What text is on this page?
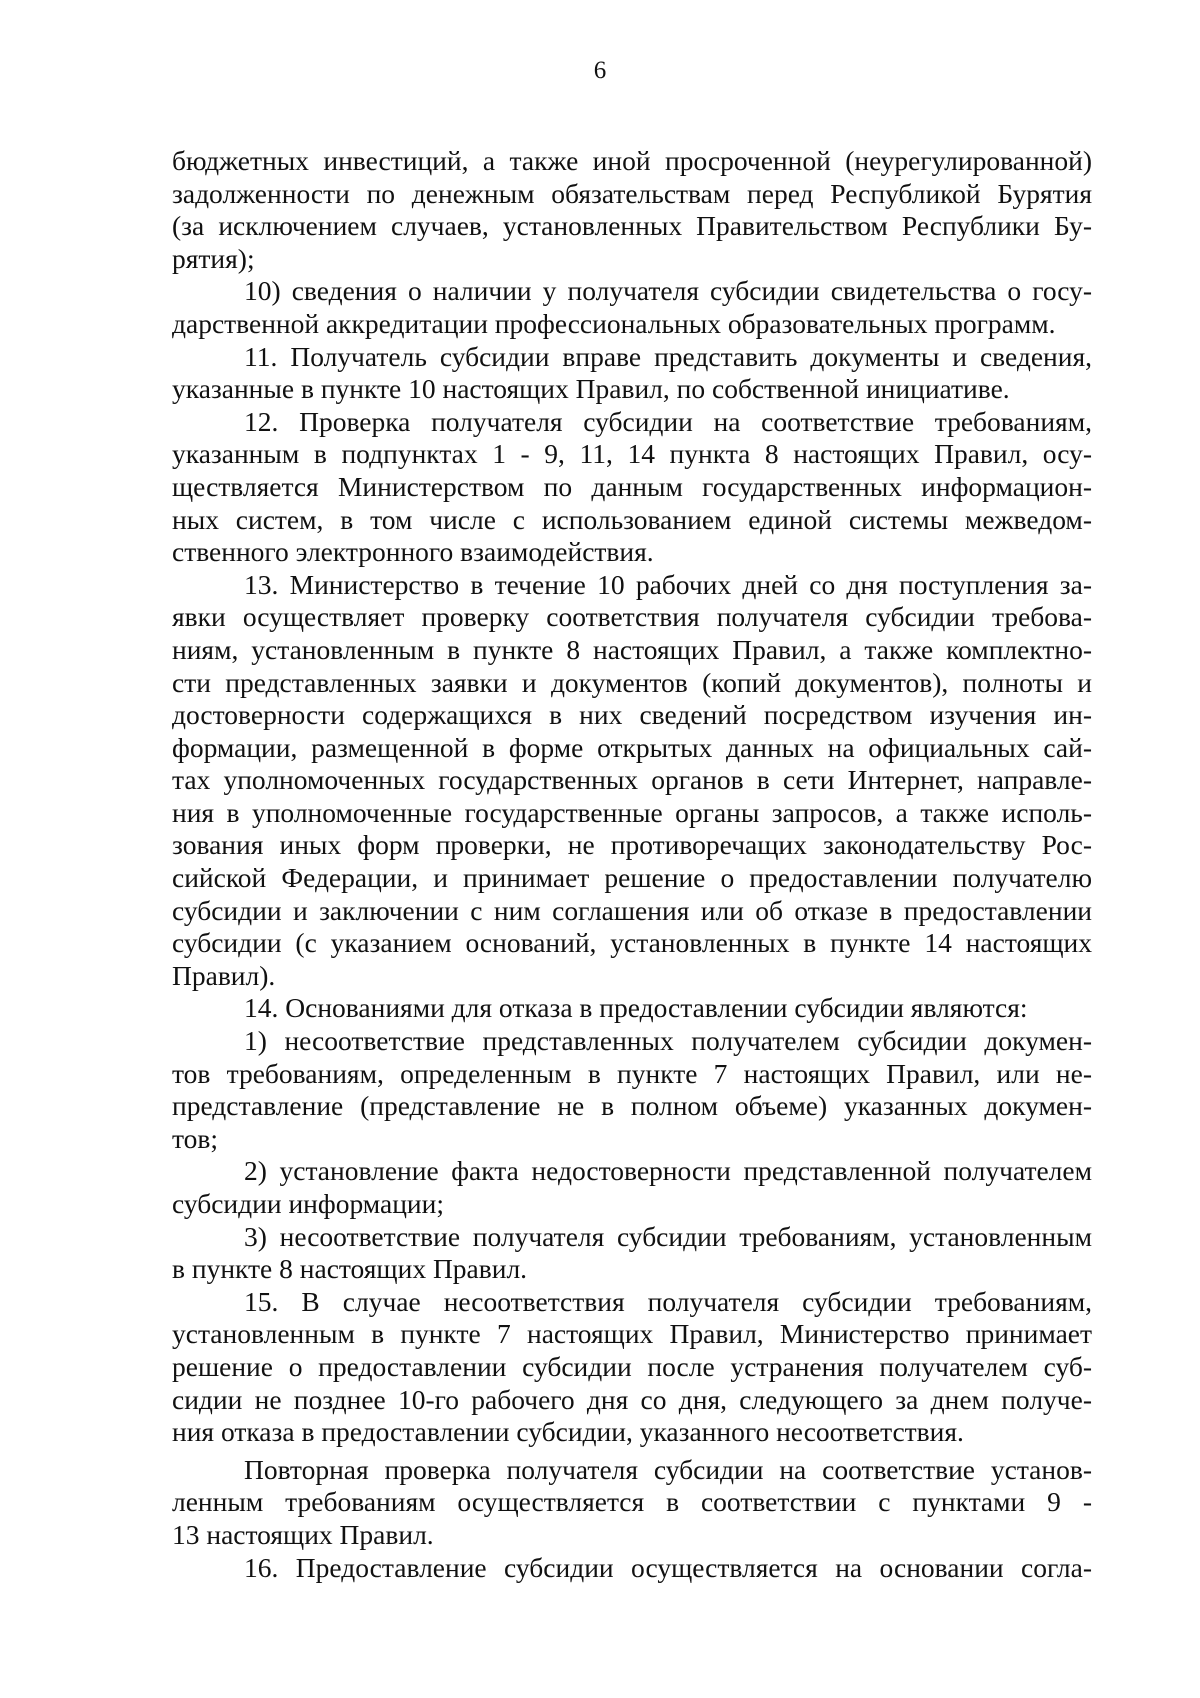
6
бюджетных инвестиций, а также иной просроченной (неурегулированной)
задолженности по денежным обязательствам перед Республикой Бурятия
(за исключением случаев, установленных Правительством Республики Бу-
рятия);
10) сведения о наличии у получателя субсидии свидетельства о госу-
дарственной аккредитации профессиональных образовательных программ.
11. Получатель субсидии вправе представить документы и сведения,
указанные в пункте 10 настоящих Правил, по собственной инициативе.
12. Проверка получателя субсидии на соответствие требованиям,
указанным в подпунктах 1 - 9, 11, 14 пункта 8 настоящих Правил, осу-
ществляется Министерством по данным государственных информацион-
ных систем, в том числе с использованием единой системы межведом-
ственного электронного взаимодействия.
13. Министерство в течение 10 рабочих дней со дня поступления за-
явки осуществляет проверку соответствия получателя субсидии требова-
ниям, установленным в пункте 8 настоящих Правил, а также комплектно-
сти представленных заявки и документов (копий документов), полноты и
достоверности содержащихся в них сведений посредством изучения ин-
формации, размещенной в форме открытых данных на официальных сай-
тах уполномоченных государственных органов в сети Интернет, направле-
ния в уполномоченные государственные органы запросов, а также исполь-
зования иных форм проверки, не противоречащих законодательству Рос-
сийской Федерации, и принимает решение о предоставлении получателю
субсидии и заключении с ним соглашения или об отказе в предоставлении
субсидии (с указанием оснований, установленных в пункте 14 настоящих
Правил).
14. Основаниями для отказа в предоставлении субсидии являются:
1) несоответствие представленных получателем субсидии докумен-
тов требованиям, определенным в пункте 7 настоящих Правил, или не-
представление (представление не в полном объеме) указанных докумен-
тов;
2) установление факта недостоверности представленной получателем
субсидии информации;
3) несоответствие получателя субсидии требованиям, установленным
в пункте 8 настоящих Правил.
15. В случае несоответствия получателя субсидии требованиям,
установленным в пункте 7 настоящих Правил, Министерство принимает
решение о предоставлении субсидии после устранения получателем суб-
сидии не позднее 10-го рабочего дня со дня, следующего за днем получе-
ния отказа в предоставлении субсидии, указанного несоответствия.
Повторная проверка получателя субсидии на соответствие установ-
ленным требованиям осуществляется в соответствии с пунктами 9 -
13 настоящих Правил.
16. Предоставление субсидии осуществляется на основании согла-
